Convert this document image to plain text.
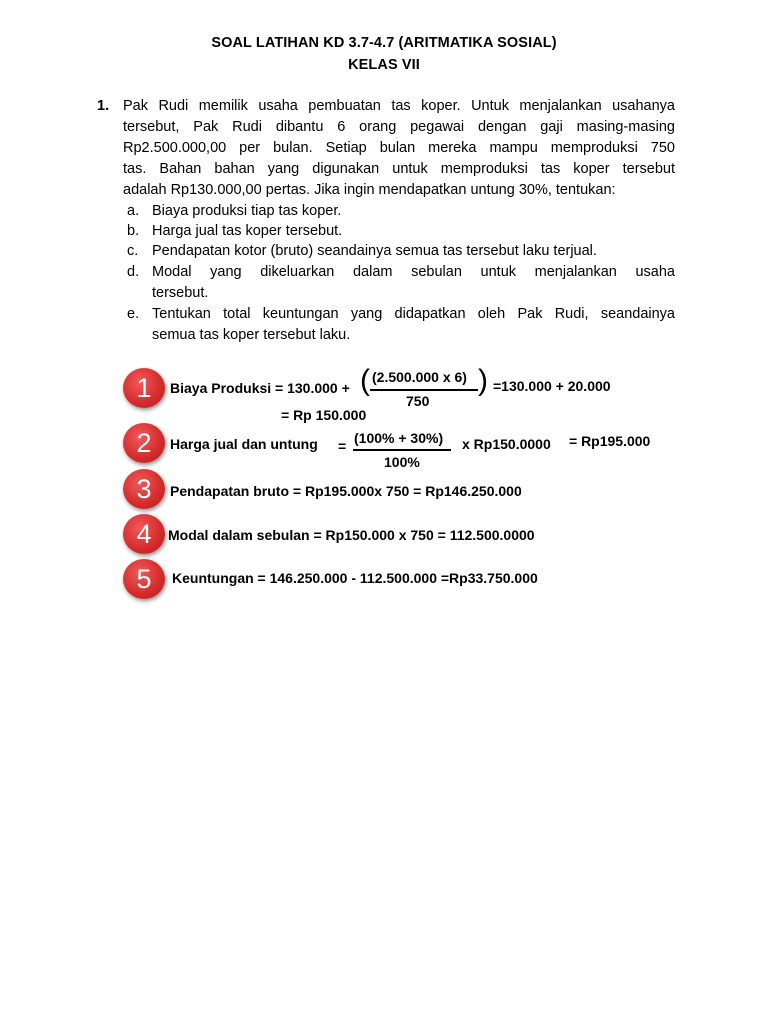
SOAL LATIHAN KD 3.7-4.7 (ARITMATIKA SOSIAL)
KELAS VII
1. Pak Rudi memilik usaha pembuatan tas koper. Untuk menjalankan usahanya
tersebut, Pak Rudi dibantu 6 orang pegawai dengan gaji masing-masing
Rp2.500.000,00 per bulan. Setiap bulan mereka mampu memproduksi 750
tas. Bahan bahan yang digunakan untuk memproduksi tas koper tersebut
adalah Rp130.000,00 pertas. Jika ingin mendapatkan untung 30%, tentukan:
a. Biaya produksi tiap tas koper.
b. Harga jual tas koper tersebut.
c. Pendapatan kotor (bruto) seandainya semua tas tersebut laku terjual.
d. Modal yang dikeluarkan dalam sebulan untuk menjalankan usaha
tersebut.
e. Tentukan total keuntungan yang didapatkan oleh Pak Rudi, seandainya
semua tas koper tersebut laku.
1	Biaya Produksi = 130.000 + ( (2.500.000 x 6)
750
) =130.000 + 20.000
= Rp 150.000
2	Harga jual dan untung = (100% + 30%)
100%
x Rp150.0000 = Rp195.000
3	Pendapatan bruto = Rp195.000x 750 = Rp146.250.000
4	Modal dalam sebulan = Rp150.000 x 750 = 112.500.0000
5	Keuntungan = 146.250.000 - 112.500.000 =Rp33.750.000
